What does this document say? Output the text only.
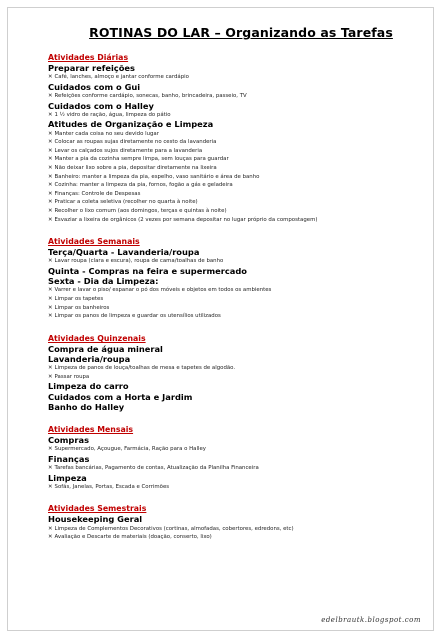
ROTINAS DO LAR – Organizando as Tarefas
Atividades Diárias
Preparar refeições
✕ Café, lanches, almoço e jantar conforme cardápio
Cuidados com o Gui
✕ Refeições conforme cardápio, sonecas, banho, brincadeira, passeio, TV
Cuidados com o Halley
✕ 1 ½ vidro de ração, água, limpeza do pátio
Atitudes de Organização e Limpeza
✕ Manter cada coisa no seu devido lugar
✕ Colocar as roupas sujas diretamente no cesto da lavanderia
✕ Levar os calçados sujos diretamente para a lavanderia
✕ Manter a pia da cozinha sempre limpa, sem louças para guardar
✕ Não deixar lixo sobre a pia, depositar diretamente na lixeira
✕ Banheiro: manter a limpeza da pia, espelho, vaso sanitário e área de banho
✕ Cozinha: manter a limpeza da pia, fornos, fogão a gás e geladeira
✕ Finanças: Controle de Despesas
✕ Praticar a coleta seletiva (recolher no quarta à noite)
✕ Recolher o lixo comum (aos domingos, terças e quintas à noite)
✕ Esvaziar a lixeira de orgânicos (2 vezes por semana depositar no lugar próprio da compostagem)
Atividades Semanais
Terça/Quarta - Lavanderia/roupa
✕ Lavar roupa (clara e escura), roupa de cama/toalhas de banho
Quinta - Compras na feira e supermercado
Sexta - Dia da Limpeza:
✕ Varrer e lavar o piso/ espanar o pó dos móveis e objetos em todos os ambientes
✕ Limpar os tapetes
✕ Limpar os banheiros
✕ Limpar os panos de limpeza e guardar os utensílios utilizados
Atividades Quinzenais
Compra de água mineral
Lavanderia/roupa
✕ Limpeza de panos de louça/toalhas de mesa e tapetes de algodão.
✕ Passar roupa
Limpeza do carro
Cuidados com a Horta e Jardim
Banho do Halley
Atividades Mensais
Compras
✕ Supermercado, Açougue, Farmácia, Ração para o Halley
Finanças
✕ Tarefas bancárias, Pagamento de contas, Atualização da Planilha Financeira
Limpeza
✕ Sofás, Janelas, Portas, Escada e Corrimões
Atividades Semestrais
Housekeeping Geral
✕ Limpeza de Complementos Decorativos (cortinas, almofadas, cobertores, edredons, etc)
✕ Avaliação e Descarte de materiais (doação, conserto, lixo)
edelbrautk.blogspot.com
